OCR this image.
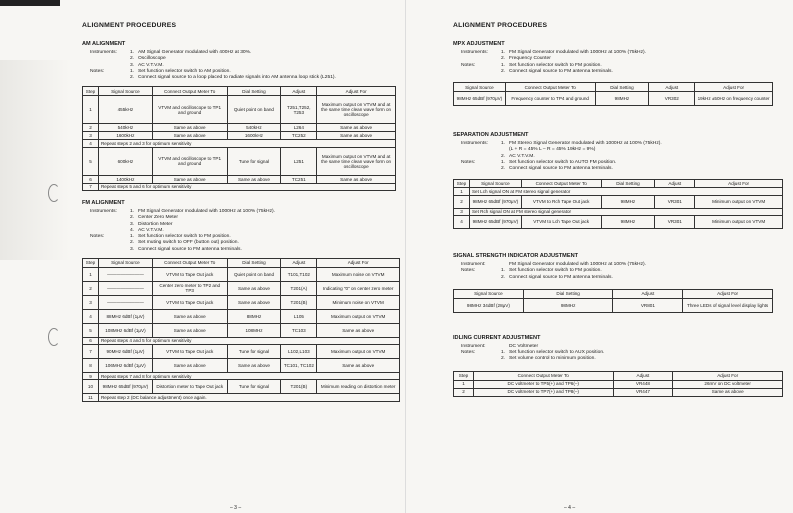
ALIGNMENT PROCEDURES
AM ALIGNMENT
Instruments:	1. AM Signal Generator modulated with 400Hz at 30%.
2. Oscilloscope
3. AC V.T.V.M.
Notes:	1. Set function selector switch to AM position.
2. Connect signal source to a loop placed to radiate signals into AM antenna loop stick (L251).
Step	Signal Source	Connect Output Meter To	Dial Setting	Adjust	Adjust For
1	455kHz	VTVM and oscilloscope to TP1 and ground	Quiet point on band	T251,T252, T253	Maximum output on VTVM and at the same time clean wave form on oscilloscope
2	540kHz	Same as above	540kHz	L264	Same as above
3	1600kHz	Same as above	1600kHz	TC252	Same as above
4	Repeat steps 2 and 3 for optimum sensitivity				
5	600kHz	VTVM and oscilloscope to TP1 and ground	Tune for signal	L251	Maximum output on VTVM and at the same time clean wave form on oscilloscope
6	1400kHz	Same as above	Same as above	TC251	Same as above
7	Repeat steps 5 and 6 for optimum sensitivity				
FM ALIGNMENT
Instruments:	1. FM Signal Generator modulated with 1000Hz at 100% (75kHz).
2. Center Zero Meter
3. Distortion Meter
4. AC V.T.V.M.
Notes:	1. Set function selector switch to FM position.
2. Set muting switch to OFF (button out) position.
3. Connect signal source to FM antenna terminals.
Step	Signal Source	Connect Output Meter To	Dial Setting	Adjust	Adjust For
1	————————	VTVM to Tape Out jack	Quiet point on band	T101,T102	Maximum noise on VTVM
2	————————	Center zero meter to TP2 and TP3	Same as above	T201(A)	Indicating "0" on center zero meter
3	————————	VTVM to Tape Out jack	Same as above	T201(B)	Minimum noise on VTVM
4	88MHz 6dBf (1μV)	Same as above	88MHz	L105	Maximum output on VTVM
5	108MHz 6dBf (1μV)	Same as above	108MHz	TC103	Same as above
6	Repeat steps 4 and 5 for optimum sensitivity				
7	90MHz 6dBf (1μV)	VTVM to Tape Out jack	Tune for signal	L102,L103	Maximum output on VTVM
8	106MHz 6dBf (1μV)	Same as above	Same as above	TC101, TC102	Same as above
9	Repeat steps 7 and 8 for optimum sensitivity				
10	98MHz 65dBf (970μV)	Distortion meter to Tape Out jack	Tune for signal	T201(B)	Minimum reading on distortion meter
11	Repeat step 2 (DC balance adjustment) once again.				
– 3 –
ALIGNMENT PROCEDURES
MPX ADJUSTMENT
Instruments:	1. FM Signal Generator modulated with 1000Hz at 100% (75kHz).
2. Frequency Counter
Notes:	1. Set function selector switch to FM position.
2. Connect signal source to FM antenna terminals.
Signal Source	Connect Output Meter To	Dial Setting	Adjust	Adjust For
98MHz 65dBf (970μV)	Frequency counter to TP4 and ground	98MHz	VR302	19kHz ±50Hz on frequency counter
SEPARATION ADJUSTMENT
Instruments:	1. FM Stereo Signal Generator modulated with 1000Hz at 100% (75kHz).
(L + R = 45% L – R = 45% 19kHz = 9%)
2. AC V.T.V.M.
Notes:	1. Set function selector switch to AUTO FM position.
2. Connect signal source to FM antenna terminals.
Step	Signal Source	Connect Output Meter To	Dial Setting	Adjust	Adjust For
1	Set Lch signal ON at FM stereo signal generator				
2	98MHz 65dBf (970μV)	VTVM to Rch Tape Out jack	98MHz	VR301	Minimum output on VTVM
3	Set Rch signal ON at FM stereo signal generator				
4	98MHz 65dBf (970μV)	VTVM to Lch Tape Out jack	98MHz	VR301	Minimum output on VTVM
SIGNAL STRENGTH INDICATOR ADJUSTMENT
Instrument:	FM Signal Generator modulated with 1000Hz at 100% (75kHz).
Notes:	1. Set function selector switch to FM position.
2. Connect signal source to FM antenna terminals.
Signal Source	Dial Setting	Adjust	Adjust For
98MHz 34dBf (28μV)	98MHz	VR801	Three LEDs of signal level display lights
IDLING CURRENT ADJUSTMENT
Instrument:	DC Voltmeter
Notes:	1. Set function selector switch to AUX position.
2. Set volume control to minimum position.
Step	Connect Output Meter To	Adjust	Adjust For
1	DC voltmeter to TP5(+) and TP6(–)	VR448	26mV on DC voltmeter
2	DC voltmeter to TP7(+) and TP8(–)	VR447	Same as above
– 4 –
